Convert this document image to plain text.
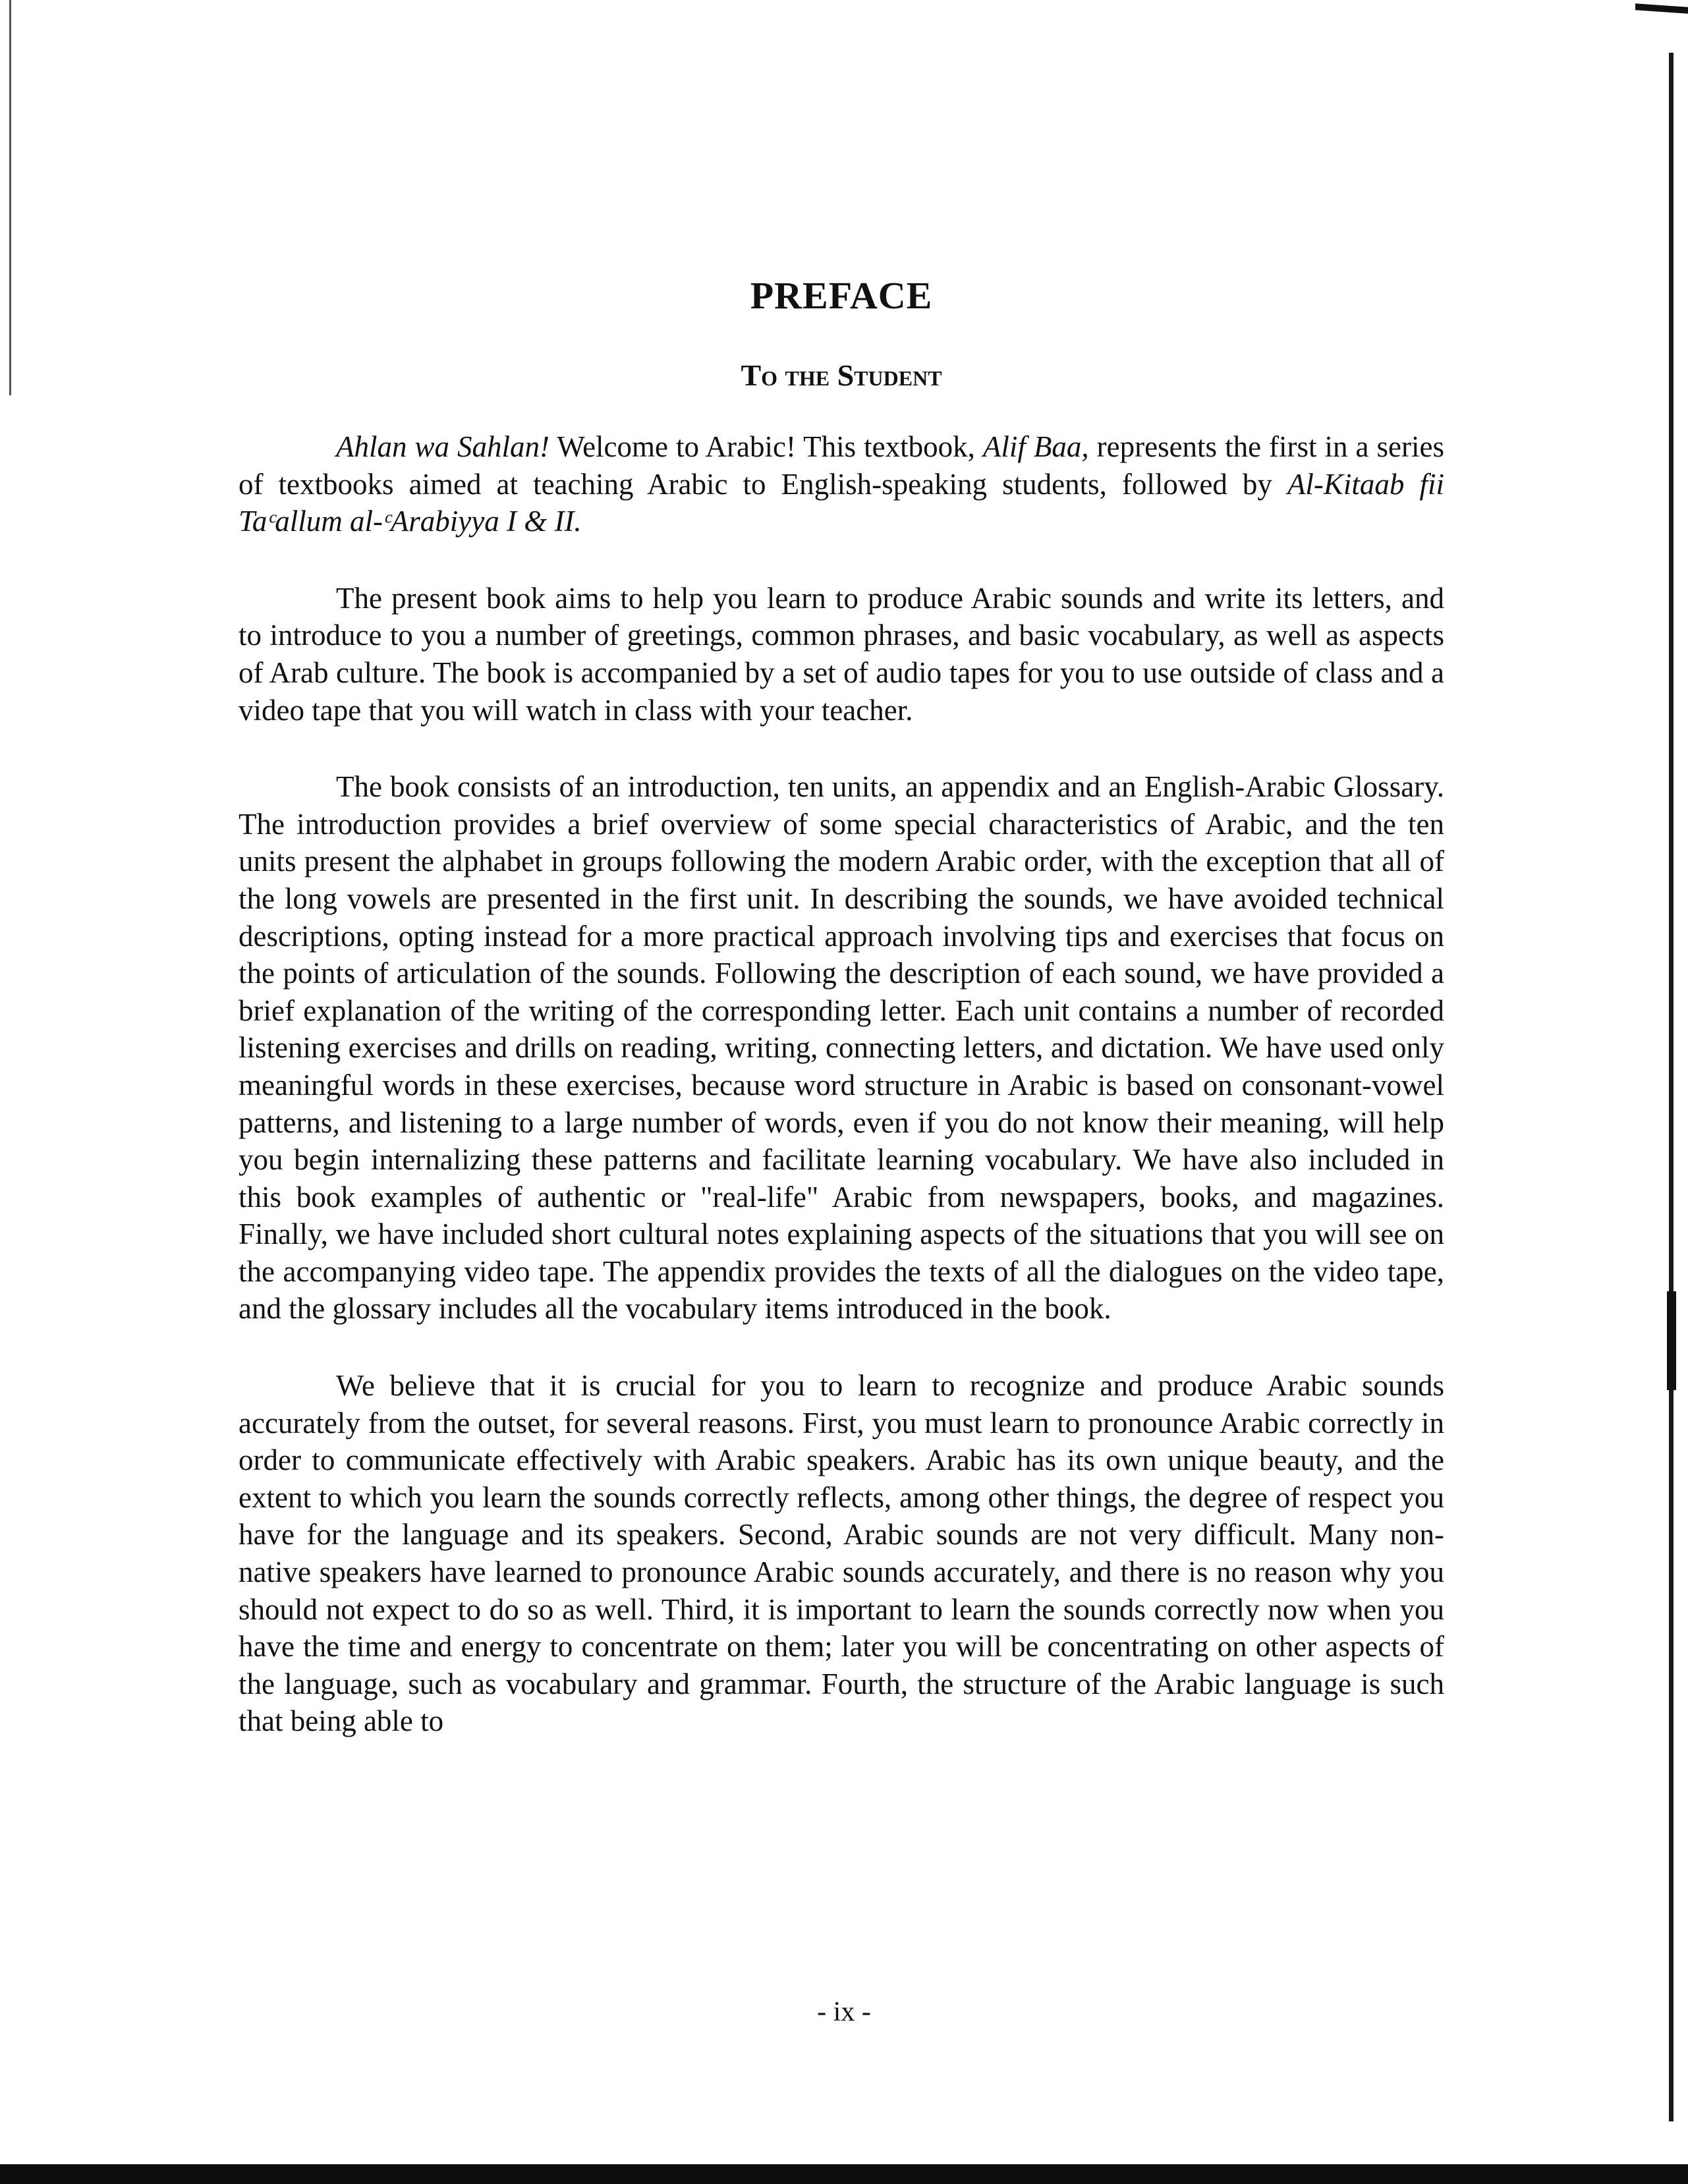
PREFACE
To the Student

Ahlan wa Sahlan! Welcome to Arabic! This textbook, Alif Baa, represents the first in a series of textbooks aimed at teaching Arabic to English-speaking students, followed by Al-Kitaab fii Taᶜallum al-ᶜArabiyya I & II.

The present book aims to help you learn to produce Arabic sounds and write its letters, and to introduce to you a number of greetings, common phrases, and basic vocabulary, as well as aspects of Arab culture. The book is accompanied by a set of audio tapes for you to use outside of class and a video tape that you will watch in class with your teacher.

The book consists of an introduction, ten units, an appendix and an English-Arabic Glossary. The introduction provides a brief overview of some special characteristics of Arabic, and the ten units present the alphabet in groups following the modern Arabic order, with the exception that all of the long vowels are presented in the first unit. In describing the sounds, we have avoided technical descriptions, opting instead for a more practical approach involving tips and exercises that focus on the points of articulation of the sounds. Following the description of each sound, we have provided a brief explanation of the writing of the corresponding letter. Each unit contains a number of recorded listening exercises and drills on reading, writing, connecting letters, and dictation. We have used only meaningful words in these exercises, because word structure in Arabic is based on consonant-vowel patterns, and listening to a large number of words, even if you do not know their meaning, will help you begin internalizing these patterns and facilitate learning vocabulary. We have also included in this book examples of authentic or "real-life" Arabic from newspapers, books, and magazines. Finally, we have included short cultural notes explaining aspects of the situations that you will see on the accompanying video tape. The appendix provides the texts of all the dialogues on the video tape, and the glossary includes all the vocabulary items introduced in the book.

We believe that it is crucial for you to learn to recognize and produce Arabic sounds accurately from the outset, for several reasons. First, you must learn to pronounce Arabic correctly in order to communicate effectively with Arabic speakers. Arabic has its own unique beauty, and the extent to which you learn the sounds correctly reflects, among other things, the degree of respect you have for the language and its speakers. Second, Arabic sounds are not very difficult. Many non-native speakers have learned to pronounce Arabic sounds accurately, and there is no reason why you should not expect to do so as well. Third, it is important to learn the sounds correctly now when you have the time and energy to concentrate on them; later you will be concentrating on other aspects of the language, such as vocabulary and grammar. Fourth, the structure of the Arabic language is such that being able to

- ix -
